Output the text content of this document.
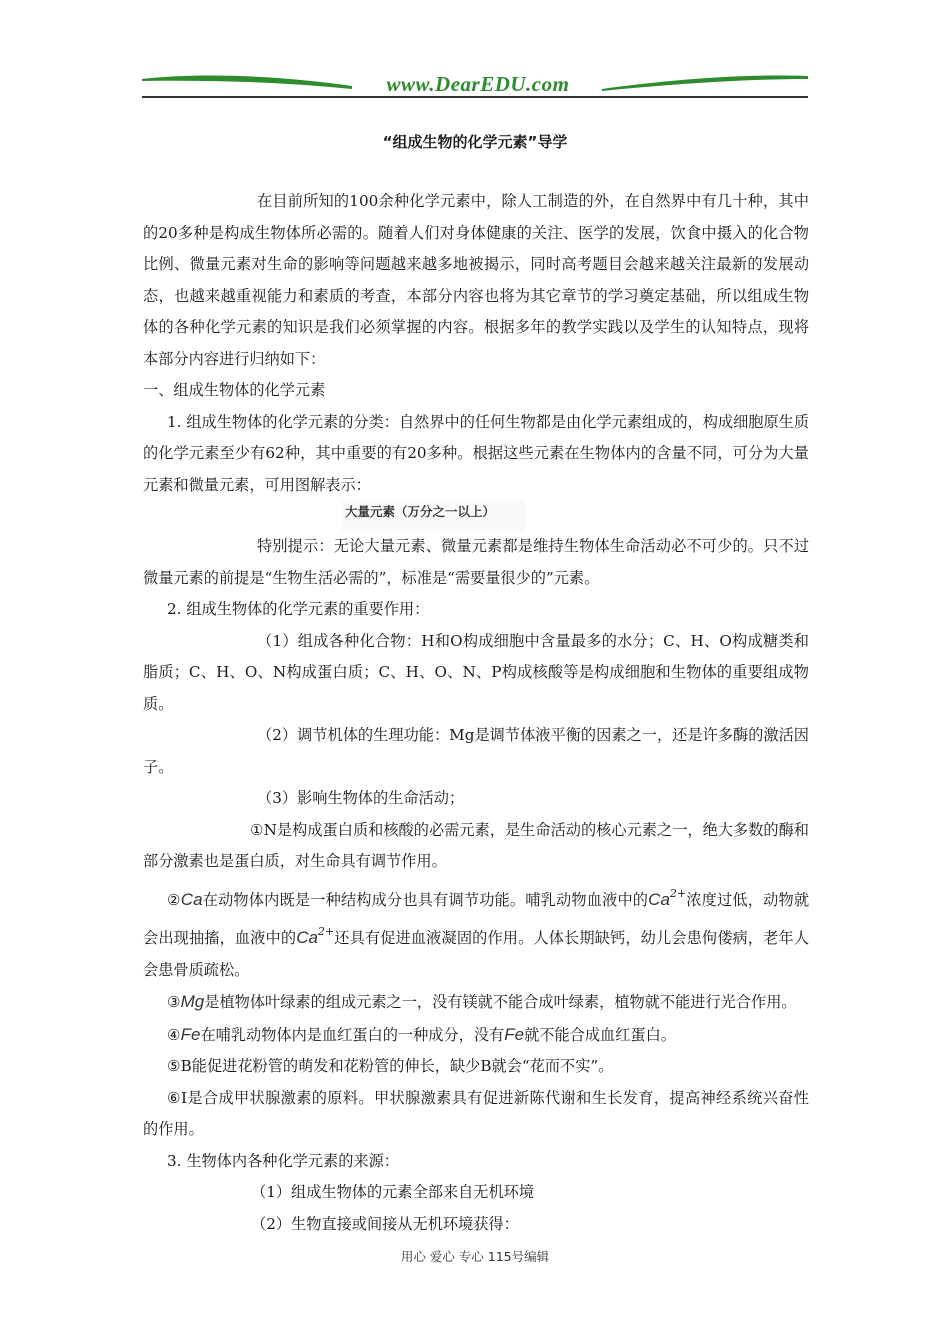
www.DearEDU.com
“组成生物的化学元素”导学

在目前所知的100余种化学元素中，除人工制造的外，在自然界中有几十种，其中的20多种是构成生物体所必需的。随着人们对身体健康的关注、医学的发展，饮食中摄入的化合物比例、微量元素对生命的影响等问题越来越多地被揭示，同时高考题目会越来越关注最新的发展动态，也越来越重视能力和素质的考查，本部分内容也将为其它章节的学习奠定基础，所以组成生物体的各种化学元素的知识是我们必须掌握的内容。根据多年的教学实践以及学生的认知特点，现将本部分内容进行归纳如下：

一、组成生物体的化学元素

1. 组成生物体的化学元素的分类：自然界中的任何生物都是由化学元素组成的，构成细胞原生质的化学元素至少有62种，其中重要的有20多种。根据这些元素在生物体内的含量不同，可分为大量元素和微量元素，可用图解表示：

大量元素（万分之一以上）

特别提示：无论大量元素、微量元素都是维持生物体生命活动必不可少的。只不过微量元素的前提是“生物生活必需的”，标准是“需要量很少的”元素。

2. 组成生物体的化学元素的重要作用：

（1）组成各种化合物：H和O构成细胞中含量最多的水分；C、H、O构成糖类和脂质；C、H、O、N构成蛋白质；C、H、O、N、P构成核酸等是构成细胞和生物体的重要组成物质。

（2）调节机体的生理功能：Mg是调节体液平衡的因素之一，还是许多酶的激活因子。

（3）影响生物体的生命活动；

①N是构成蛋白质和核酸的必需元素，是生命活动的核心元素之一，绝大多数的酶和部分激素也是蛋白质，对生命具有调节作用。

②Ca在动物体内既是一种结构成分也具有调节功能。哺乳动物血液中的$Ca^{2+}$浓度过低，动物就会出现抽搐，血液中的$Ca^{2+}$还具有促进血液凝固的作用。人体长期缺钙，幼儿会患佝偻病，老年人会患骨质疏松。

③Mg是植物体叶绿素的组成元素之一，没有镁就不能合成叶绿素，植物就不能进行光合作用。

④Fe在哺乳动物体内是血红蛋白的一种成分，没有Fe就不能合成血红蛋白。

⑤B能促进花粉管的萌发和花粉管的伸长，缺少B就会“花而不实”。

⑥I是合成甲状腺激素的原料。甲状腺激素具有促进新陈代谢和生长发育，提高神经系统兴奋性的作用。

3. 生物体内各种化学元素的来源：

（1）组成生物体的元素全部来自无机环境

（2）生物直接或间接从无机环境获得：

用心 爱心 专心 115号编辑
